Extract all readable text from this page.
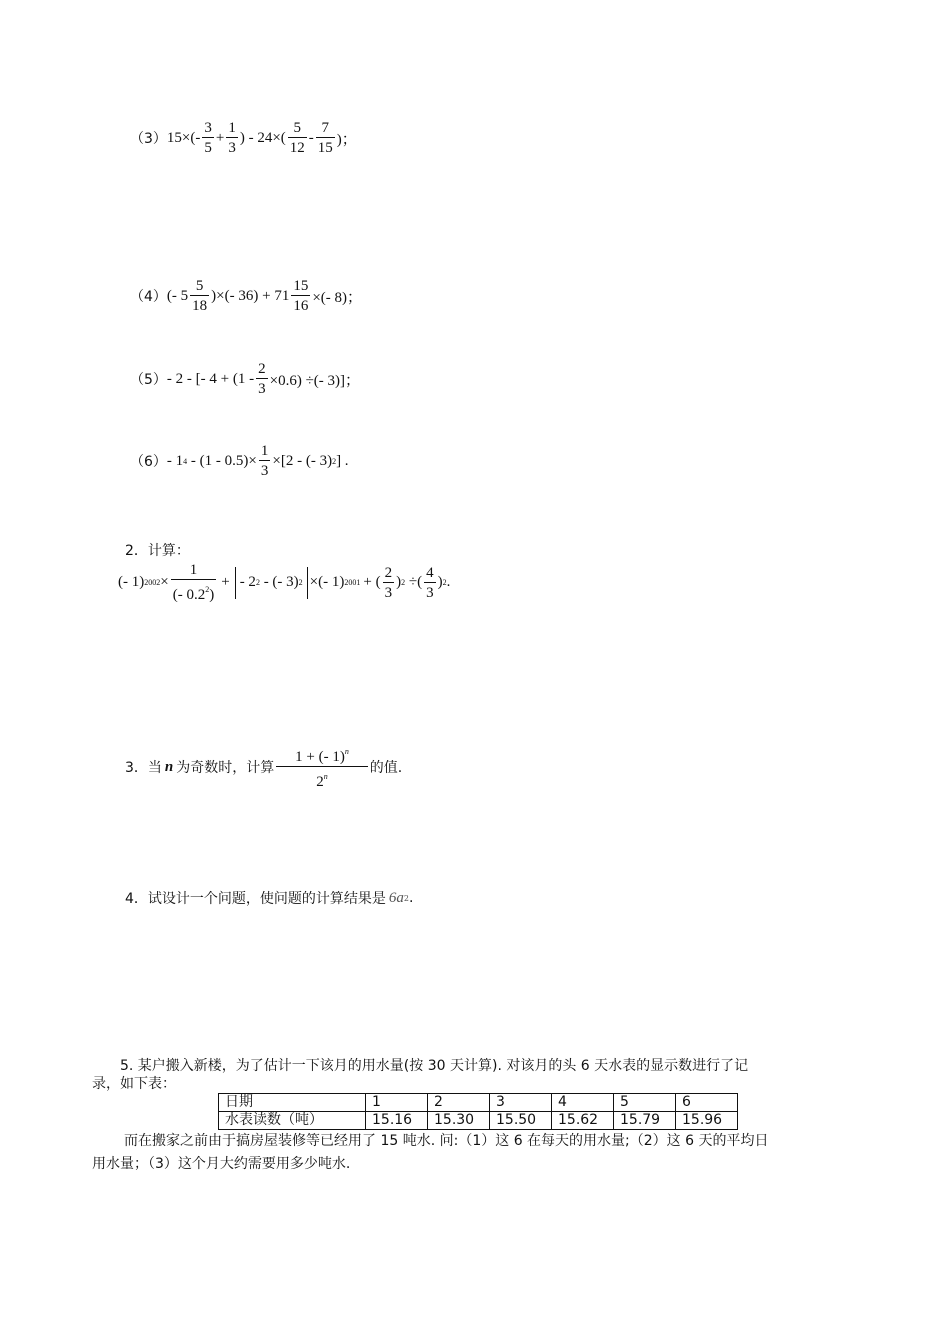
（3） $15\times(- \frac{3}{5} + \frac{1}{3}$ ) - $24\times( \frac{5}{12} - \frac{7}{15}$ )；
（4） (- $5 \frac{5}{18}$ )×(- $36) + 71 \frac{15}{16}$ ×(- 8)；
（5） - 2 - [- $4 + (1 - \frac{2}{3} \times 0.6)$ ÷(- 3)]；
（6） - 1 $4 - (1 - 0.5)\times \frac{1}{3} \times[2$ - (- 3) 2 ] .
2．计算：
(- 1) $2002 \times \frac{1}{(- 0.2^2)}$ + - 2 2 - (- 3) 2 ×(- 1) 2001 + ( $\frac{2}{3}$ ) 2 ÷( $\frac{4}{3}$ ) 2 .
3．当 n 为奇数时，计算 $\frac{1 + (- 1)^n}{2^n}$ 的值.
4．试设计一个问题，使问题的计算结果是 6a 2 .
5. 某户搬入新楼，为了估计一下该月的用水量(按 30 天计算). 对该月的头 6 天水表的显示数进行了记
录，如下表：
日期	1	2	3	4	5	6
水表读数（吨）	15.16	15.30	15.50	15.62	15.79	15.96
而在搬家之前由于搞房屋装修等已经用了 15 吨水. 问:（1）这 6 在每天的用水量;（2）这 6 天的平均日
用水量；（3）这个月大约需要用多少吨水.
